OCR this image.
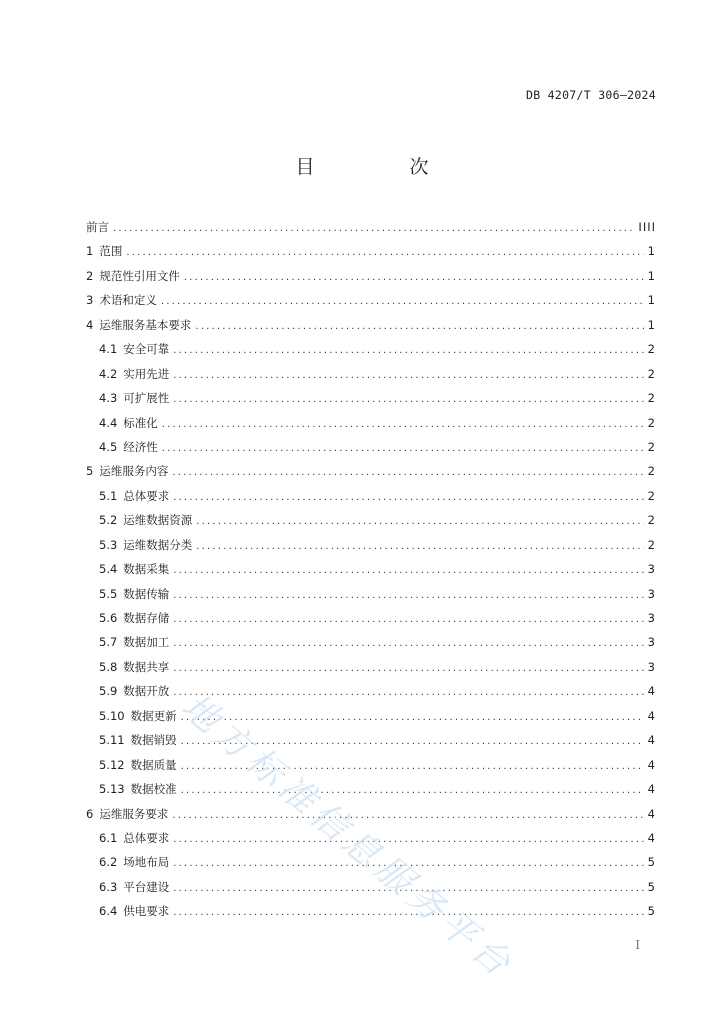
DB 4207/T 306—2024
目　次
前言 .....	IIII
1 范围 .....	1
2 规范性引用文件 .....	1
3 术语和定义 .....	1
4 运维服务基本要求 .....	1
4.1 安全可靠 .....	2
4.2 实用先进 .....	2
4.3 可扩展性 .....	2
4.4 标准化 .....	2
4.5 经济性 .....	2
5 运维服务内容 .....	2
5.1 总体要求 .....	2
5.2 运维数据资源 .....	2
5.3 运维数据分类 .....	2
5.4 数据采集 .....	3
5.5 数据传输 .....	3
5.6 数据存储 .....	3
5.7 数据加工 .....	3
5.8 数据共享 .....	3
5.9 数据开放 .....	4
5.10 数据更新 .....	4
5.11 数据销毁 .....	4
5.12 数据质量 .....	4
5.13 数据校准 .....	4
6 运维服务要求 .....	4
6.1 总体要求 .....	4
6.2 场地布局 .....	5
6.3 平台建设 .....	5
6.4 供电要求 .....	5
地方标准信息服务平台	I
